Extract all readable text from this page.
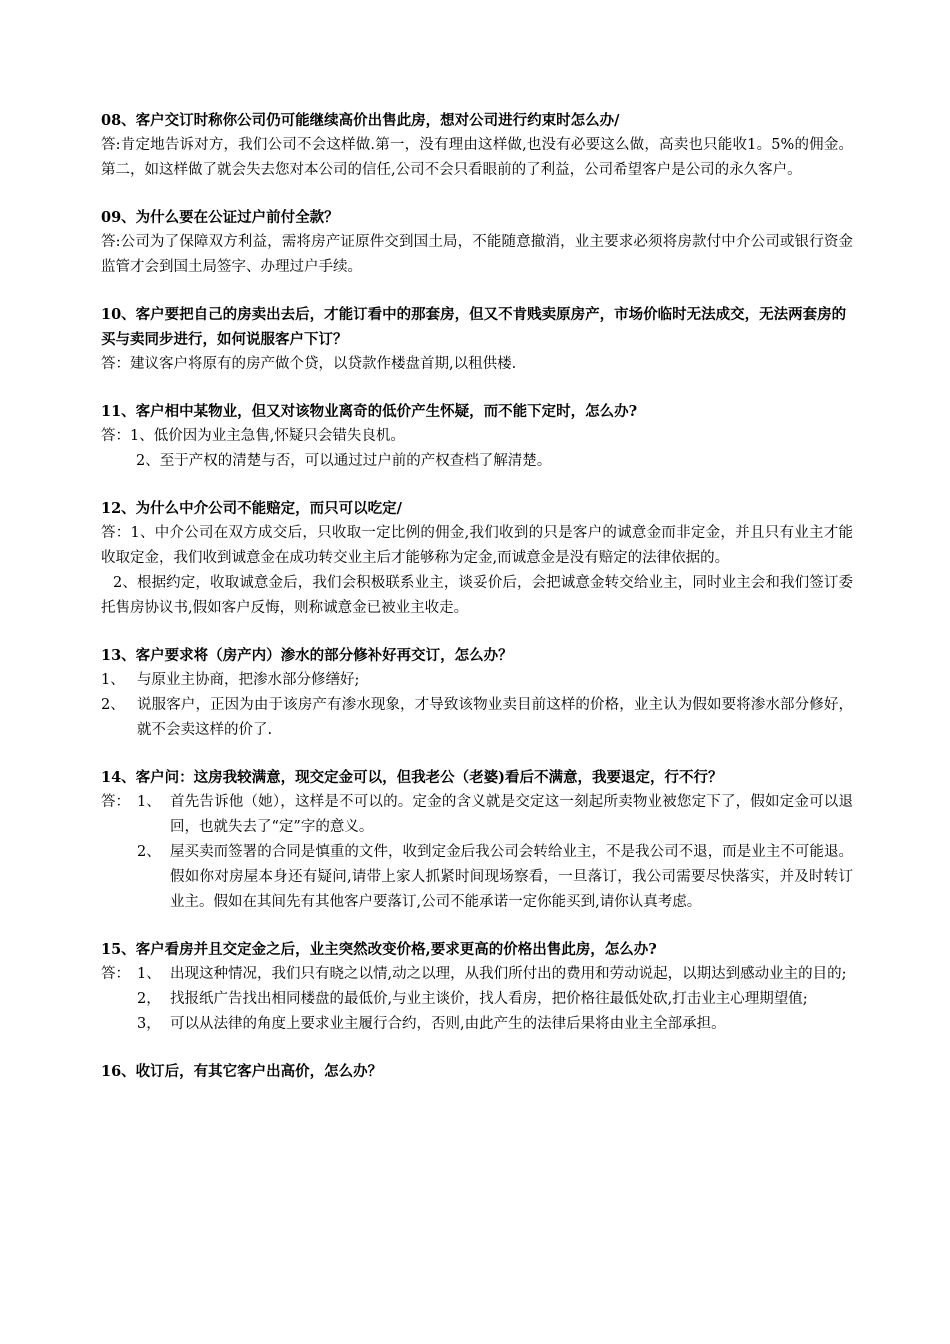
08、客户交订时称你公司仍可能继续高价出售此房，想对公司进行约束时怎么办/

答:肯定地告诉对方，我们公司不会这样做.第一，没有理由这样做,也没有必要这么做，高卖也只能收1。5%的佣金。第二，如这样做了就会失去您对本公司的信任,公司不会只看眼前的了利益，公司希望客户是公司的永久客户。

09、为什么要在公证过户前付全款？

答:公司为了保障双方利益，需将房产证原件交到国土局，不能随意撤消，业主要求必须将房款付中介公司或银行资金监管才会到国土局签字、办理过户手续。

10、客户要把自己的房卖出去后，才能订看中的那套房，但又不肯贱卖原房产，市场价临时无法成交，无法两套房的买与卖同步进行，如何说服客户下订？

答：建议客户将原有的房产做个贷，以贷款作楼盘首期,以租供楼.

11、客户相中某物业，但又对该物业离奇的低价产生怀疑，而不能下定时，怎么办?

答：1、低价因为业主急售,怀疑只会错失良机。

2、至于产权的清楚与否，可以通过过户前的产权查档了解清楚。

12、为什么中介公司不能赔定，而只可以吃定/

答：1、中介公司在双方成交后，只收取一定比例的佣金,我们收到的只是客户的诚意金而非定金，并且只有业主才能收取定金，我们收到诚意金在成功转交业主后才能够称为定金,而诚意金是没有赔定的法律依据的。

2、根据约定，收取诚意金后，我们会积极联系业主，谈妥价后，会把诚意金转交给业主，同时业主会和我们签订委托售房协议书,假如客户反悔，则称诚意金已被业主收走。

13、客户要求将（房产内）渗水的部分修补好再交订，怎么办？

1、 与原业主协商，把渗水部分修缮好;
2、 说服客户，正因为由于该房产有渗水现象，才导致该物业卖目前这样的价格，业主认为假如要将渗水部分修好，就不会卖这样的价了.

14、客户问：这房我较满意，现交定金可以，但我老公（老婆)看后不满意，我要退定，行不行？

答： 1、 首先告诉他（她），这样是不可以的。定金的含义就是交定这一刻起所卖物业被您定下了，假如定金可以退回，也就失去了“定”字的意义。
2、 屋买卖而签署的合同是慎重的文件，收到定金后我公司会转给业主，不是我公司不退，而是业主不可能退。假如你对房屋本身还有疑问,请带上家人抓紧时间现场察看，一旦落订，我公司需要尽快落实，并及时转订业主。假如在其间先有其他客户要落订,公司不能承诺一定你能买到,请你认真考虑。

15、客户看房并且交定金之后，业主突然改变价格,要求更高的价格出售此房，怎么办?

答： 1、 出现这种情况，我们只有晓之以情,动之以理，从我们所付出的费用和劳动说起，以期达到感动业主的目的;
2， 找报纸广告找出相同楼盘的最低价,与业主谈价，找人看房，把价格往最低处砍,打击业主心理期望值;
3， 可以从法律的角度上要求业主履行合约，否则,由此产生的法律后果将由业主全部承担。

16、收订后，有其它客户出高价，怎么办？
